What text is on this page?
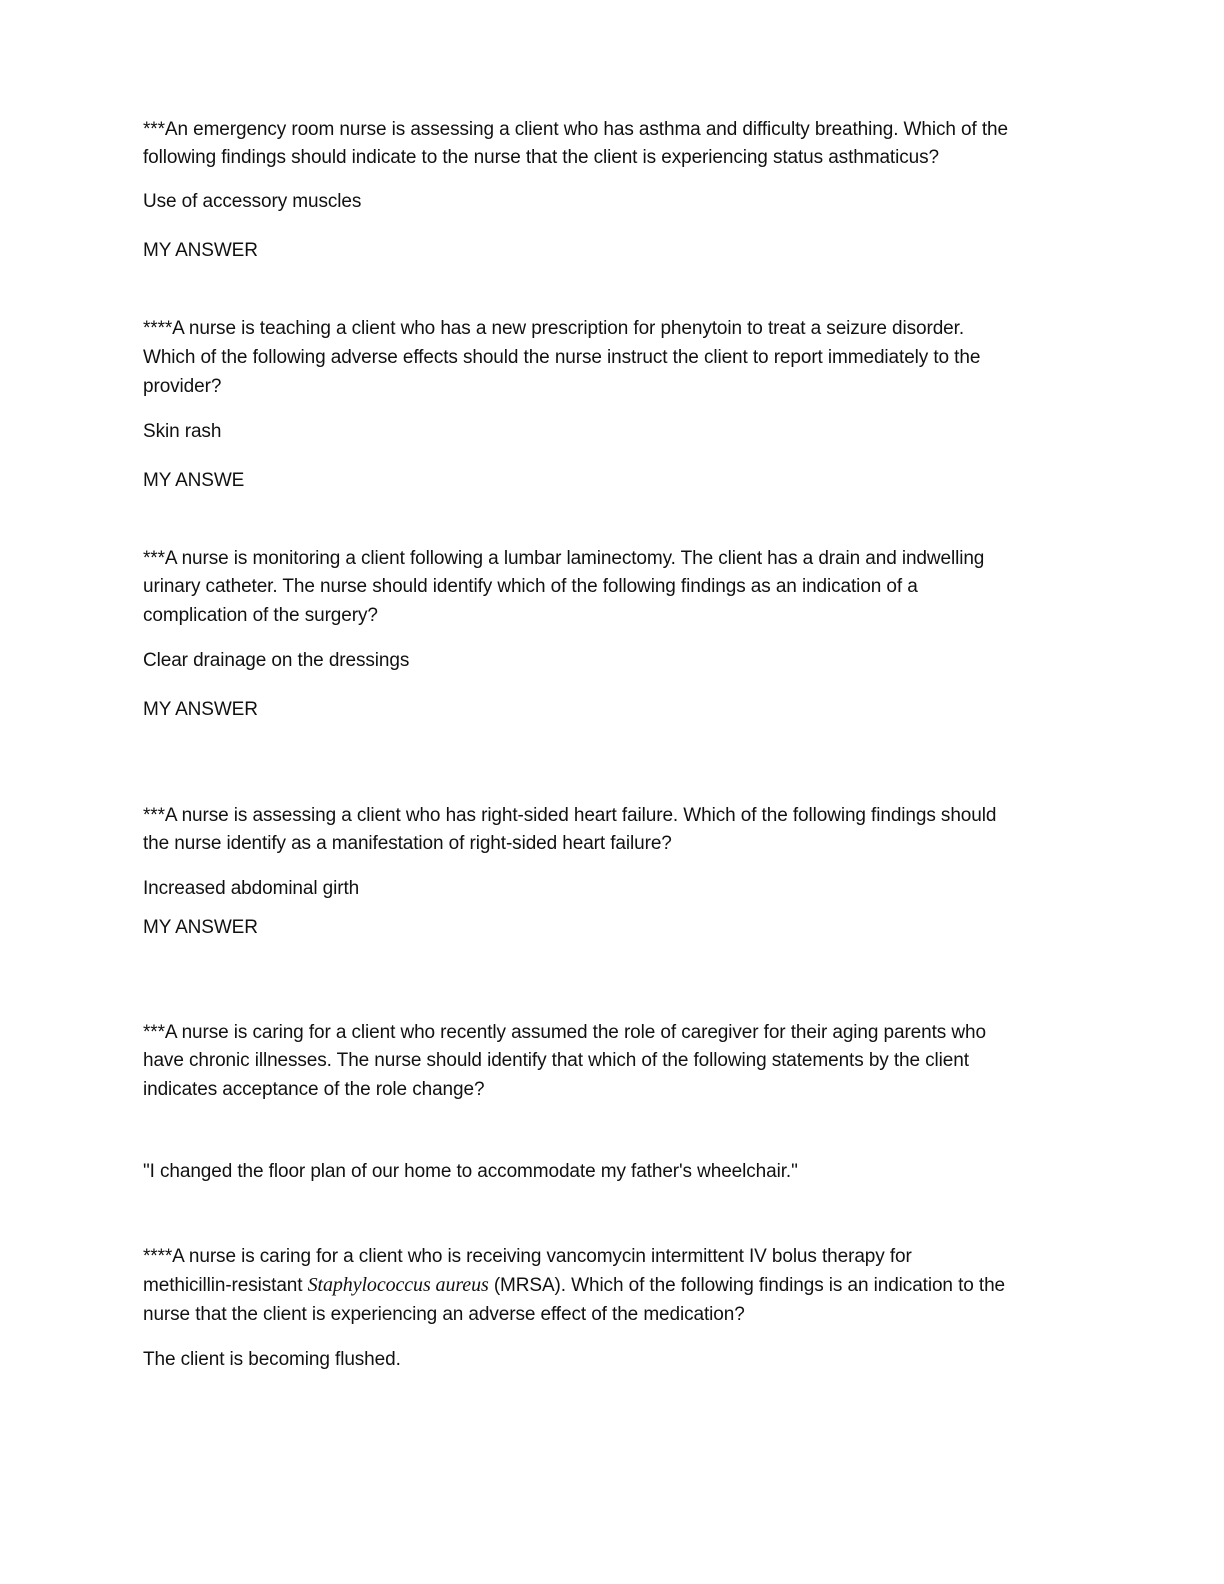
***An emergency room nurse is assessing a client who has asthma and difficulty breathing. Which of the
following findings should indicate to the nurse that the client is experiencing status asthmaticus?
Use of accessory muscles
MY ANSWER
****A nurse is teaching a client who has a new prescription for phenytoin to treat a seizure disorder.
Which of the following adverse effects should the nurse instruct the client to report immediately to the
provider?
Skin rash
MY ANSWE
***A nurse is monitoring a client following a lumbar laminectomy. The client has a drain and indwelling
urinary catheter. The nurse should identify which of the following findings as an indication of a
complication of the surgery?
Clear drainage on the dressings
MY ANSWER
***A nurse is assessing a client who has right-sided heart failure. Which of the following findings should
the nurse identify as a manifestation of right-sided heart failure?
Increased abdominal girth
MY ANSWER
***A nurse is caring for a client who recently assumed the role of caregiver for their aging parents who
have chronic illnesses. The nurse should identify that which of the following statements by the client
indicates acceptance of the role change?
"I changed the floor plan of our home to accommodate my father's wheelchair."
****A nurse is caring for a client who is receiving vancomycin intermittent IV bolus therapy for
methicillin-resistant Staphylococcus aureus (MRSA). Which of the following findings is an indication to the
nurse that the client is experiencing an adverse effect of the medication?
The client is becoming flushed.
